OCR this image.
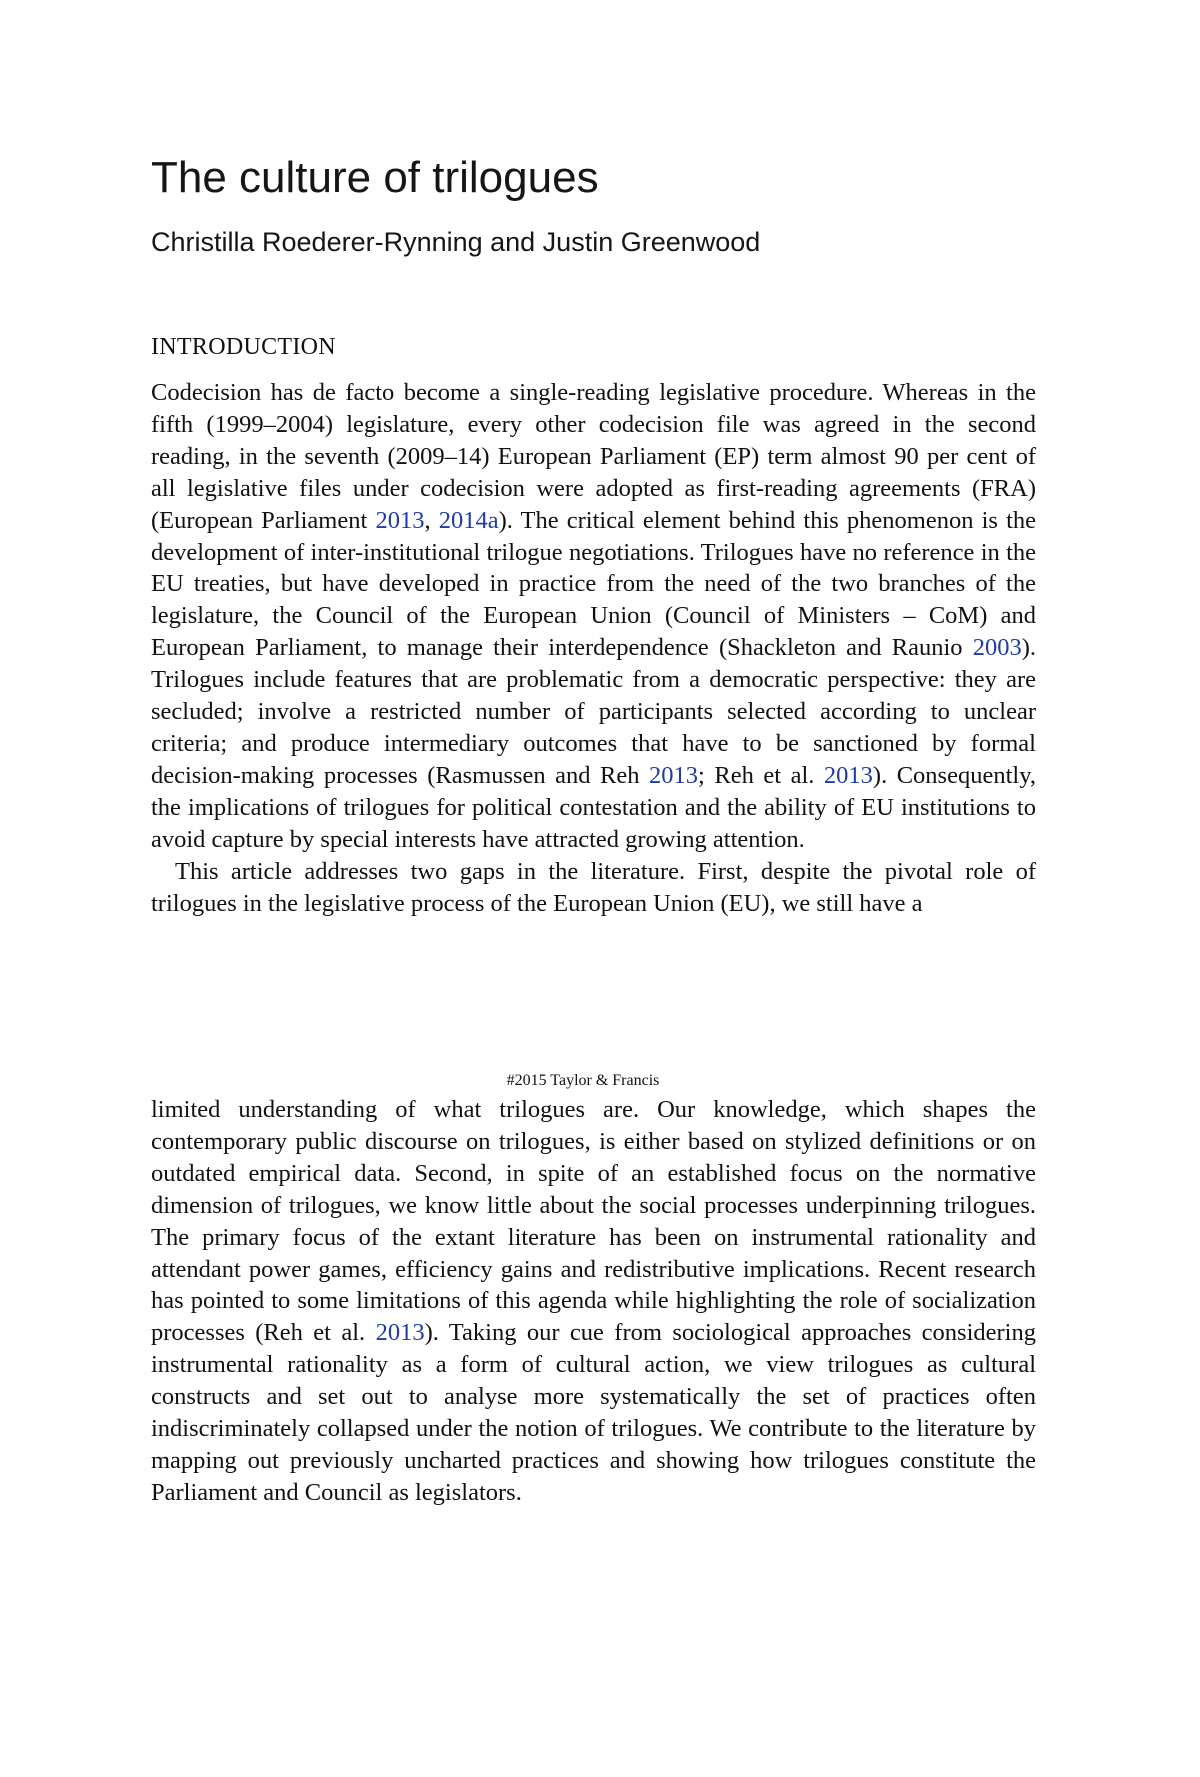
The culture of trilogues
Christilla Roederer-Rynning and Justin Greenwood
INTRODUCTION

Codecision has de facto become a single-reading legislative procedure. Whereas in the fifth (1999–2004) legislature, every other codecision file was agreed in the second reading, in the seventh (2009–14) European Parliament (EP) term almost 90 per cent of all legislative files under codecision were adopted as first-reading agreements (FRA) (European Parliament 2013, 2014a). The critical element behind this phenomenon is the development of inter-institutional trilogue negotiations. Trilogues have no reference in the EU treaties, but have developed in practice from the need of the two branches of the legislature, the Council of the European Union (Council of Ministers – CoM) and European Parliament, to manage their interdependence (Shackleton and Raunio 2003). Trilogues include features that are problematic from a democratic perspective: they are secluded; involve a restricted number of participants selected according to unclear criteria; and produce intermediary outcomes that have to be sanctioned by formal decision-making processes (Rasmussen and Reh 2013; Reh et al. 2013). Consequently, the implications of trilogues for political contestation and the ability of EU institutions to avoid capture by special interests have attracted growing attention.

This article addresses two gaps in the literature. First, despite the pivotal role of trilogues in the legislative process of the European Union (EU), we still have a

#2015 Taylor & Francis

limited understanding of what trilogues are. Our knowledge, which shapes the contemporary public discourse on trilogues, is either based on stylized definitions or on outdated empirical data. Second, in spite of an established focus on the normative dimension of trilogues, we know little about the social processes underpinning trilogues. The primary focus of the extant literature has been on instrumental rationality and attendant power games, efficiency gains and redistributive implications. Recent research has pointed to some limitations of this agenda while highlighting the role of socialization processes (Reh et al. 2013). Taking our cue from sociological approaches considering instrumental rationality as a form of cultural action, we view trilogues as cultural constructs and set out to analyse more systematically the set of practices often indiscriminately collapsed under the notion of trilogues. We contribute to the literature by mapping out previously uncharted practices and showing how trilogues constitute the Parliament and Council as legislators.
